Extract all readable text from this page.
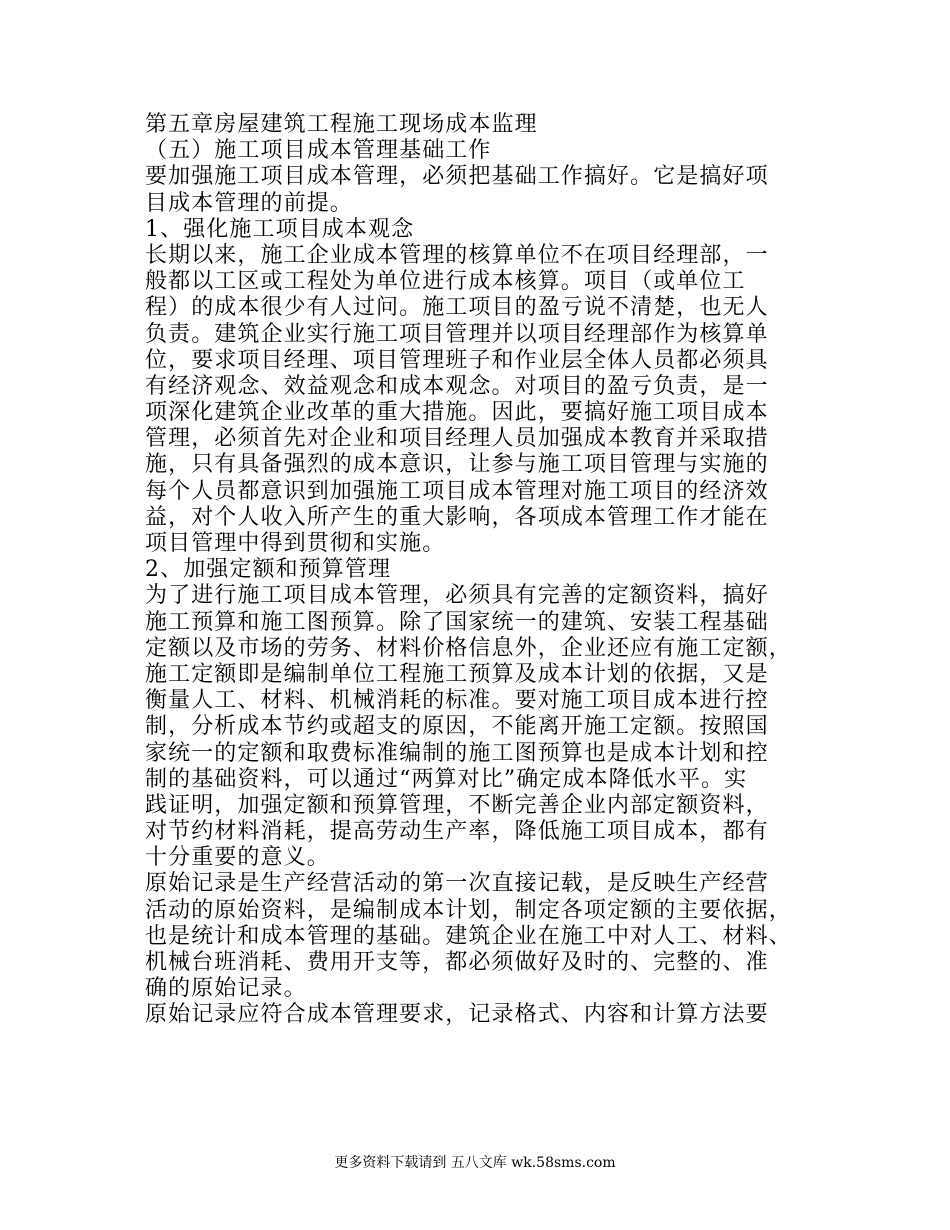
第五章房屋建筑工程施工现场成本监理
（五）施工项目成本管理基础工作
要加强施工项目成本管理，必须把基础工作搞好。它是搞好项
目成本管理的前提。
1、强化施工项目成本观念
长期以来，施工企业成本管理的核算单位不在项目经理部，一
般都以工区或工程处为单位进行成本核算。项目（或单位工
程）的成本很少有人过问。施工项目的盈亏说不清楚，也无人
负责。建筑企业实行施工项目管理并以项目经理部作为核算单
位，要求项目经理、项目管理班子和作业层全体人员都必须具
有经济观念、效益观念和成本观念。对项目的盈亏负责，是一
项深化建筑企业改革的重大措施。因此，要搞好施工项目成本
管理，必须首先对企业和项目经理人员加强成本教育并采取措
施，只有具备强烈的成本意识，让参与施工项目管理与实施的
每个人员都意识到加强施工项目成本管理对施工项目的经济效
益，对个人收入所产生的重大影响，各项成本管理工作才能在
项目管理中得到贯彻和实施。
2、加强定额和预算管理
为了进行施工项目成本管理，必须具有完善的定额资料，搞好
施工预算和施工图预算。除了国家统一的建筑、安装工程基础
定额以及市场的劳务、材料价格信息外，企业还应有施工定额，
施工定额即是编制单位工程施工预算及成本计划的依据，又是
衡量人工、材料、机械消耗的标准。要对施工项目成本进行控
制，分析成本节约或超支的原因，不能离开施工定额。按照国
家统一的定额和取费标准编制的施工图预算也是成本计划和控
制的基础资料，可以通过“两算对比”确定成本降低水平。实
践证明，加强定额和预算管理，不断完善企业内部定额资料，
对节约材料消耗，提高劳动生产率，降低施工项目成本，都有
十分重要的意义。
原始记录是生产经营活动的第一次直接记载，是反映生产经营
活动的原始资料，是编制成本计划，制定各项定额的主要依据，
也是统计和成本管理的基础。建筑企业在施工中对人工、材料、
机械台班消耗、费用开支等，都必须做好及时的、完整的、准
确的原始记录。
原始记录应符合成本管理要求，记录格式、内容和计算方法要
更多资料下载请到 五八文库 wk.58sms.com
